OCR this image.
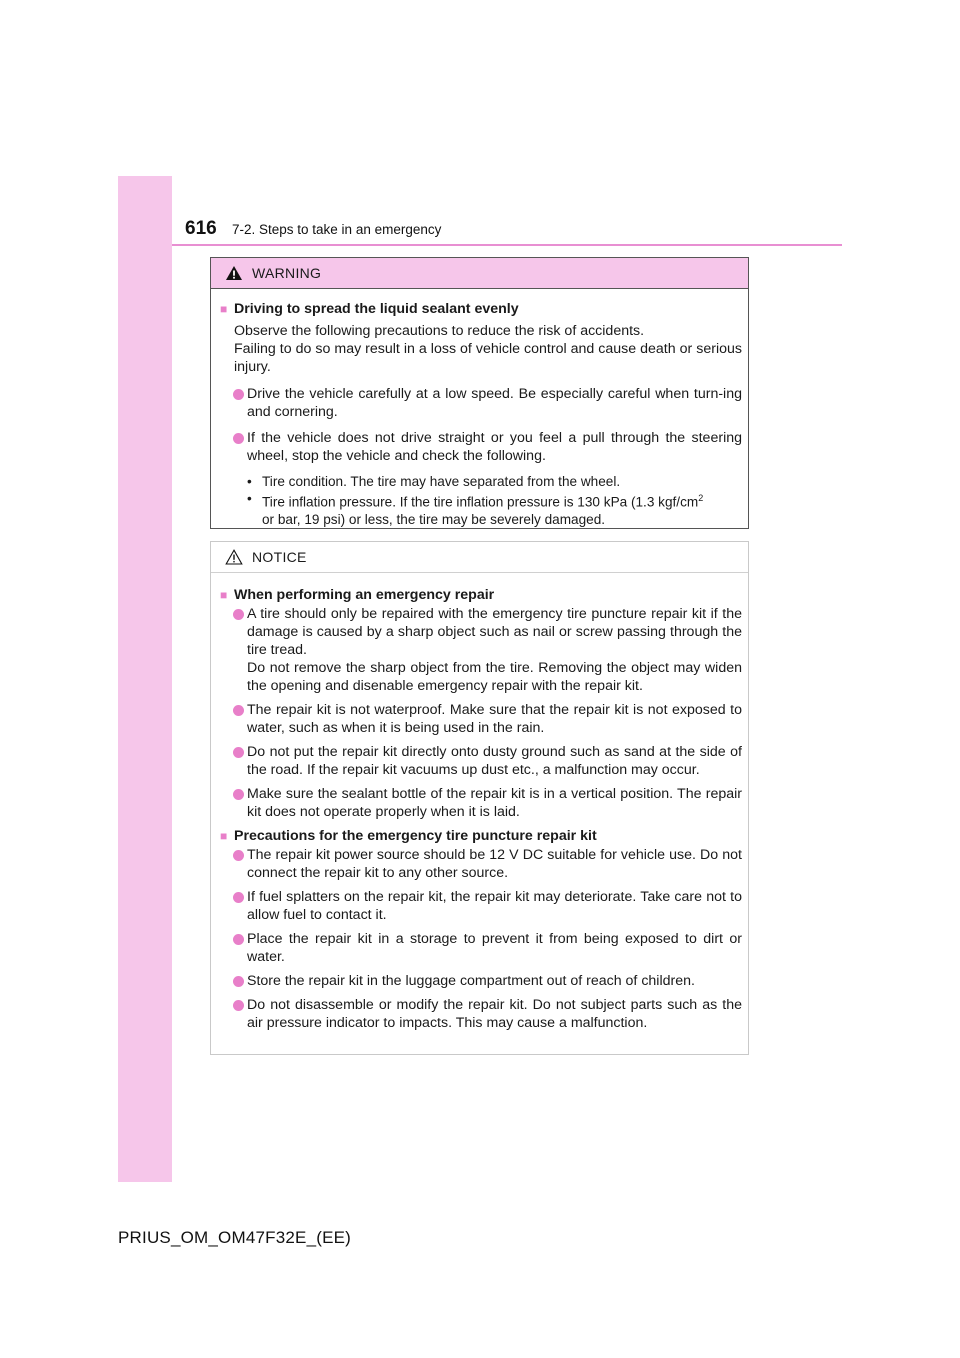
616 7-2. Steps to take in an emergency
WARNING
■ Driving to spread the liquid sealant evenly
Observe the following precautions to reduce the risk of accidents.
Failing to do so may result in a loss of vehicle control and cause death or serious injury.
Drive the vehicle carefully at a low speed. Be especially careful when turn-ing and cornering.
If the vehicle does not drive straight or you feel a pull through the steering wheel, stop the vehicle and check the following.
• Tire condition. The tire may have separated from the wheel.
• Tire inflation pressure. If the tire inflation pressure is 130 kPa (1.3 kgf/$cm^2$
or bar, 19 psi) or less, the tire may be severely damaged.
NOTICE
■ When performing an emergency repair
A tire should only be repaired with the emergency tire puncture repair kit if the damage is caused by a sharp object such as nail or screw passing through the tire tread.
Do not remove the sharp object from the tire. Removing the object may widen the opening and disenable emergency repair with the repair kit.
The repair kit is not waterproof. Make sure that the repair kit is not exposed to water, such as when it is being used in the rain.
Do not put the repair kit directly onto dusty ground such as sand at the side of the road. If the repair kit vacuums up dust etc., a malfunction may occur.
Make sure the sealant bottle of the repair kit is in a vertical position. The repair kit does not operate properly when it is laid.
■ Precautions for the emergency tire puncture repair kit
The repair kit power source should be 12 V DC suitable for vehicle use. Do not connect the repair kit to any other source.
If fuel splatters on the repair kit, the repair kit may deteriorate. Take care not to allow fuel to contact it.
Place the repair kit in a storage to prevent it from being exposed to dirt or water.
Store the repair kit in the luggage compartment out of reach of children.
Do not disassemble or modify the repair kit. Do not subject parts such as the air pressure indicator to impacts. This may cause a malfunction.
PRIUS_OM_OM47F32E_(EE)
